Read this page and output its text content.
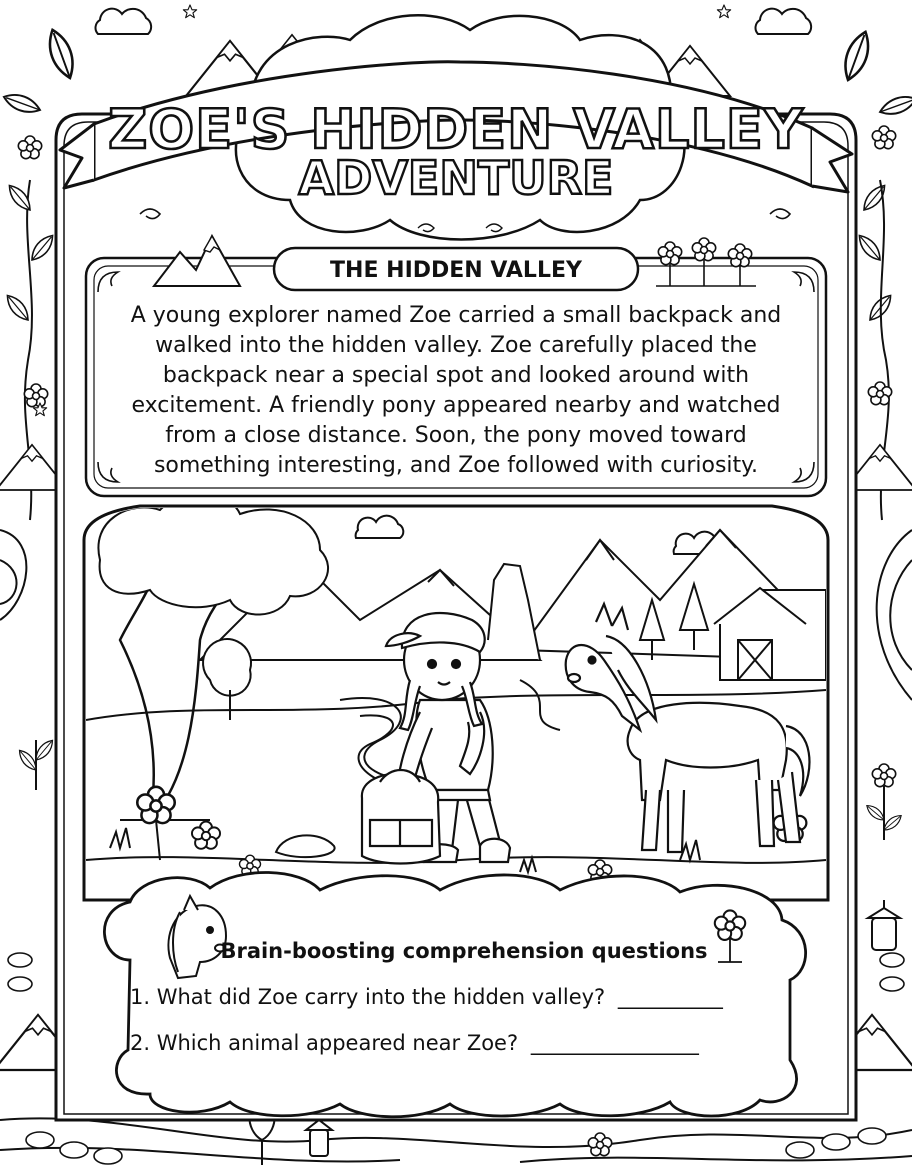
ZOE'S HIDDEN VALLEY
ADVENTURE
THE HIDDEN VALLEY
A young explorer named Zoe carried a small backpack and
walked into the hidden valley. Zoe carefully placed the
backpack near a special spot and looked around with
excitement. A friendly pony appeared nearby and watched
from a close distance. Soon, the pony moved toward
something interesting, and Zoe followed with curiosity.
Brain-boosting comprehension questions
1. What did Zoe carry into the hidden valley? __________
2. Which animal appeared near Zoe? ________________
